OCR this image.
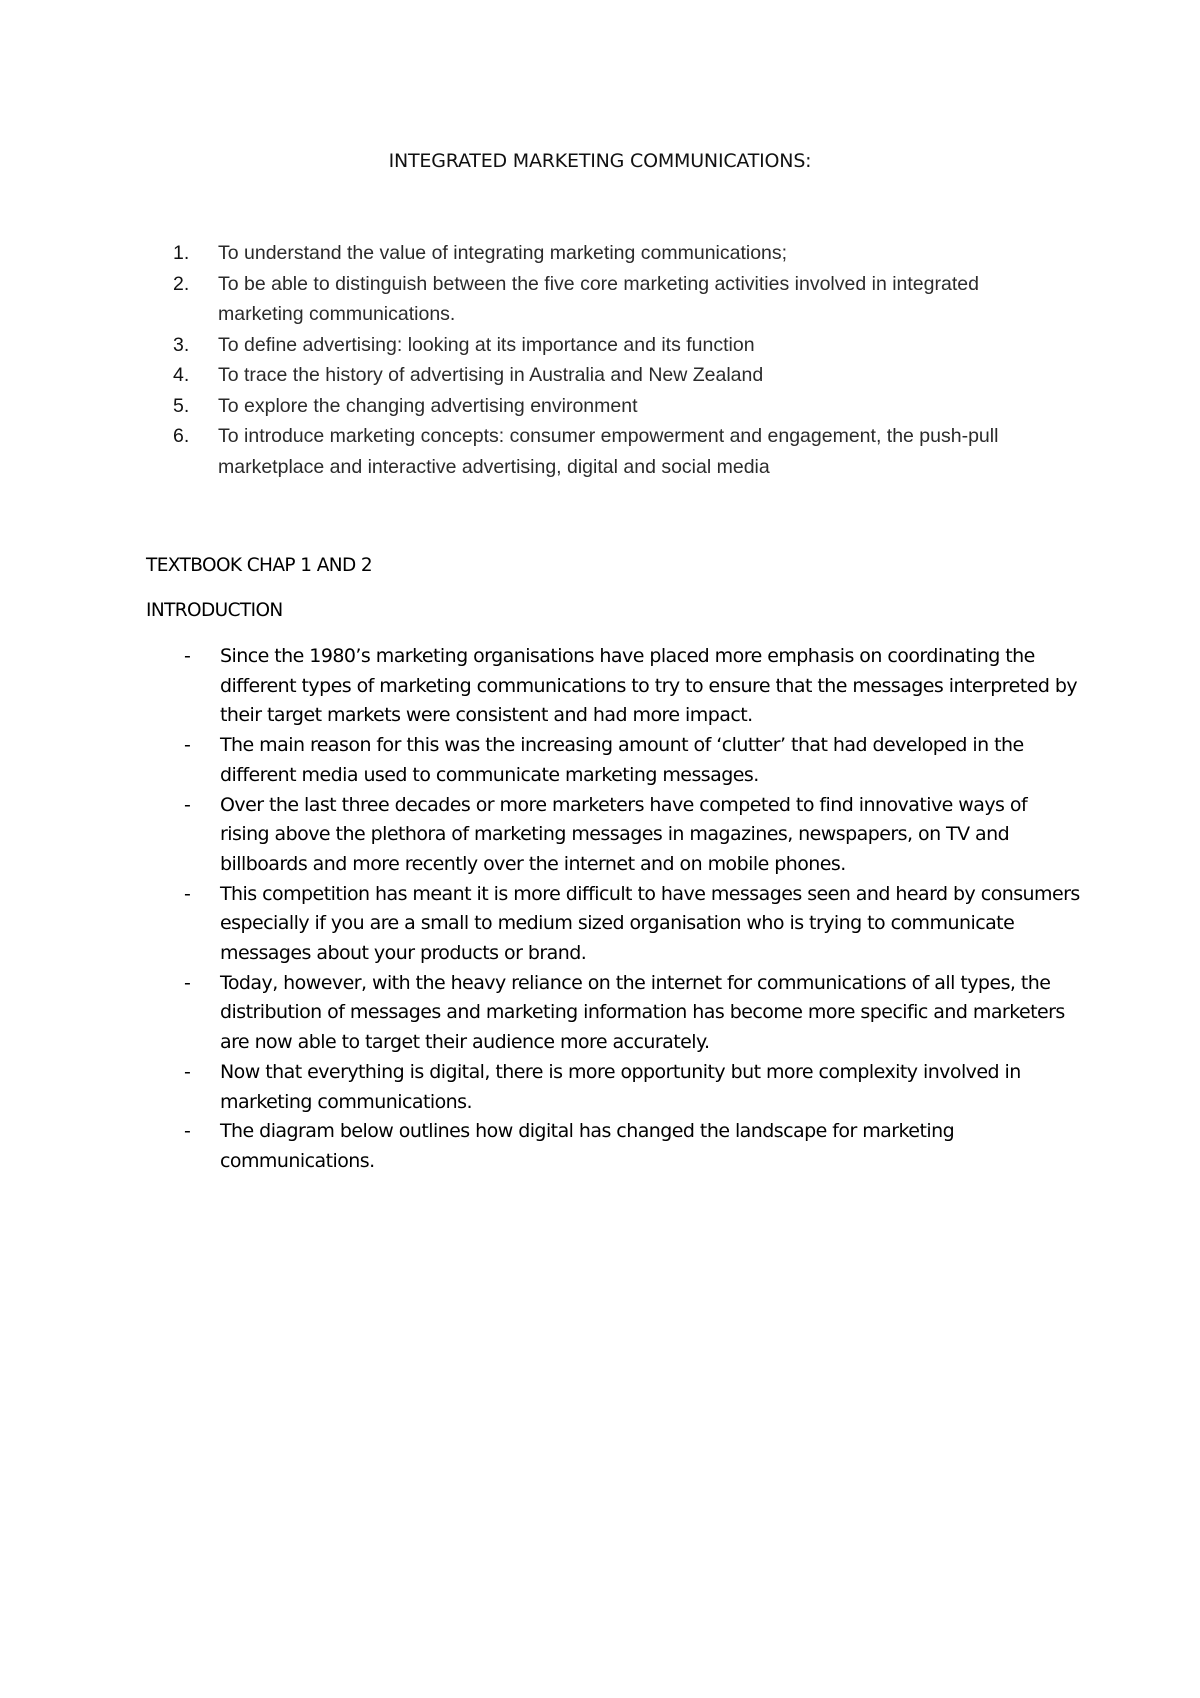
INTEGRATED MARKETING COMMUNICATIONS:
1. To understand the value of integrating marketing communications;
2. To be able to distinguish between the five core marketing activities involved in integrated marketing communications.
3. To define advertising: looking at its importance and its function
4. To trace the history of advertising in Australia and New Zealand
5. To explore the changing advertising environment
6. To introduce marketing concepts: consumer empowerment and engagement, the push-pull marketplace and interactive advertising, digital and social media
TEXTBOOK CHAP 1 AND 2
INTRODUCTION
- Since the 1980’s marketing organisations have placed more emphasis on coordinating the different types of marketing communications to try to ensure that the messages interpreted by their target markets were consistent and had more impact.
- The main reason for this was the increasing amount of ‘clutter’ that had developed in the different media used to communicate marketing messages.
- Over the last three decades or more marketers have competed to find innovative ways of rising above the plethora of marketing messages in magazines, newspapers, on TV and billboards and more recently over the internet and on mobile phones.
- This competition has meant it is more difficult to have messages seen and heard by consumers especially if you are a small to medium sized organisation who is trying to communicate messages about your products or brand.
- Today, however, with the heavy reliance on the internet for communications of all types, the distribution of messages and marketing information has become more specific and marketers are now able to target their audience more accurately.
- Now that everything is digital, there is more opportunity but more complexity involved in marketing communications.
- The diagram below outlines how digital has changed the landscape for marketing communications.
